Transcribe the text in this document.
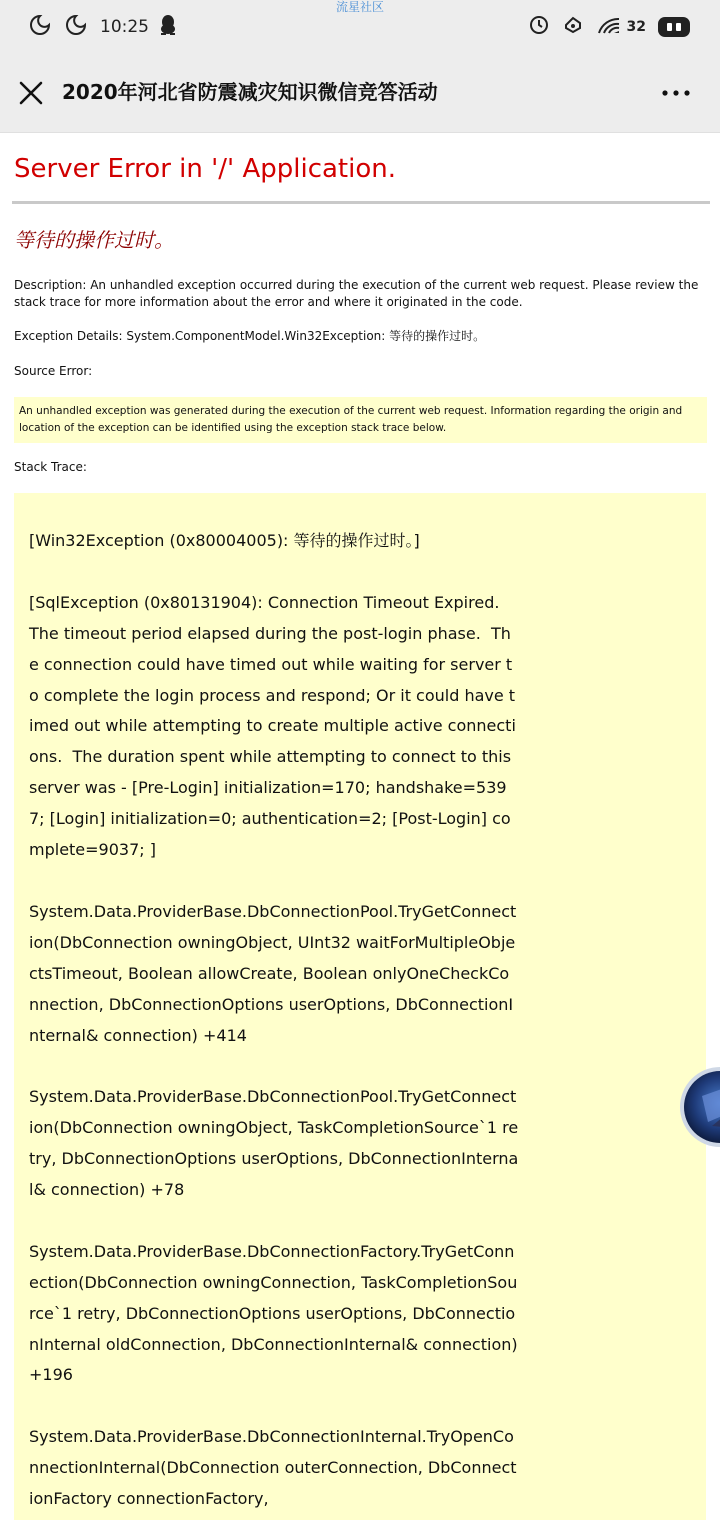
流星社区
10:25	32
2020年河北省防震减灾知识微信竞答活动
Server Error in '/' Application.
等待的操作过时。
Description: An unhandled exception occurred during the execution of the current web request. Please review the stack trace for more information about the error and where it originated in the code.
Exception Details: System.ComponentModel.Win32Exception: 等待的操作过时。
Source Error:
An unhandled exception was generated during the execution of the current web request. Information regarding the origin and location of the exception can be identified using the exception stack trace below.
Stack Trace:
[Win32Exception (0x80004005): 等待的操作过时。]

[SqlException (0x80131904): Connection Timeout Expired.  The timeout period elapsed during the post-login phase.  The connection could have timed out while waiting for server to complete the login process and respond; Or it could have timed out while attempting to create multiple active connections.  The duration spent while attempting to connect to this server was - [Pre-Login] initialization=170; handshake=5397; [Login] initialization=0; authentication=2; [Post-Login] complete=9037; ]

System.Data.ProviderBase.DbConnectionPool.TryGetConnection(DbConnection owningObject, UInt32 waitForMultipleObjectsTimeout, Boolean allowCreate, Boolean onlyOneCheckConnection, DbConnectionOptions userOptions, DbConnectionInternal& connection) +414

System.Data.ProviderBase.DbConnectionPool.TryGetConnection(DbConnection owningObject, TaskCompletionSource`1 retry, DbConnectionOptions userOptions, DbConnectionInternal& connection) +78

System.Data.ProviderBase.DbConnectionFactory.TryGetConnection(DbConnection owningConnection, TaskCompletionSource`1 retry, DbConnectionOptions userOptions, DbConnectionInternal oldConnection, DbConnectionInternal& connection) +196

System.Data.ProviderBase.DbConnectionInternal.TryOpenConnectionInternal(DbConnection outerConnection, DbConnectionFactory connectionFactory,
